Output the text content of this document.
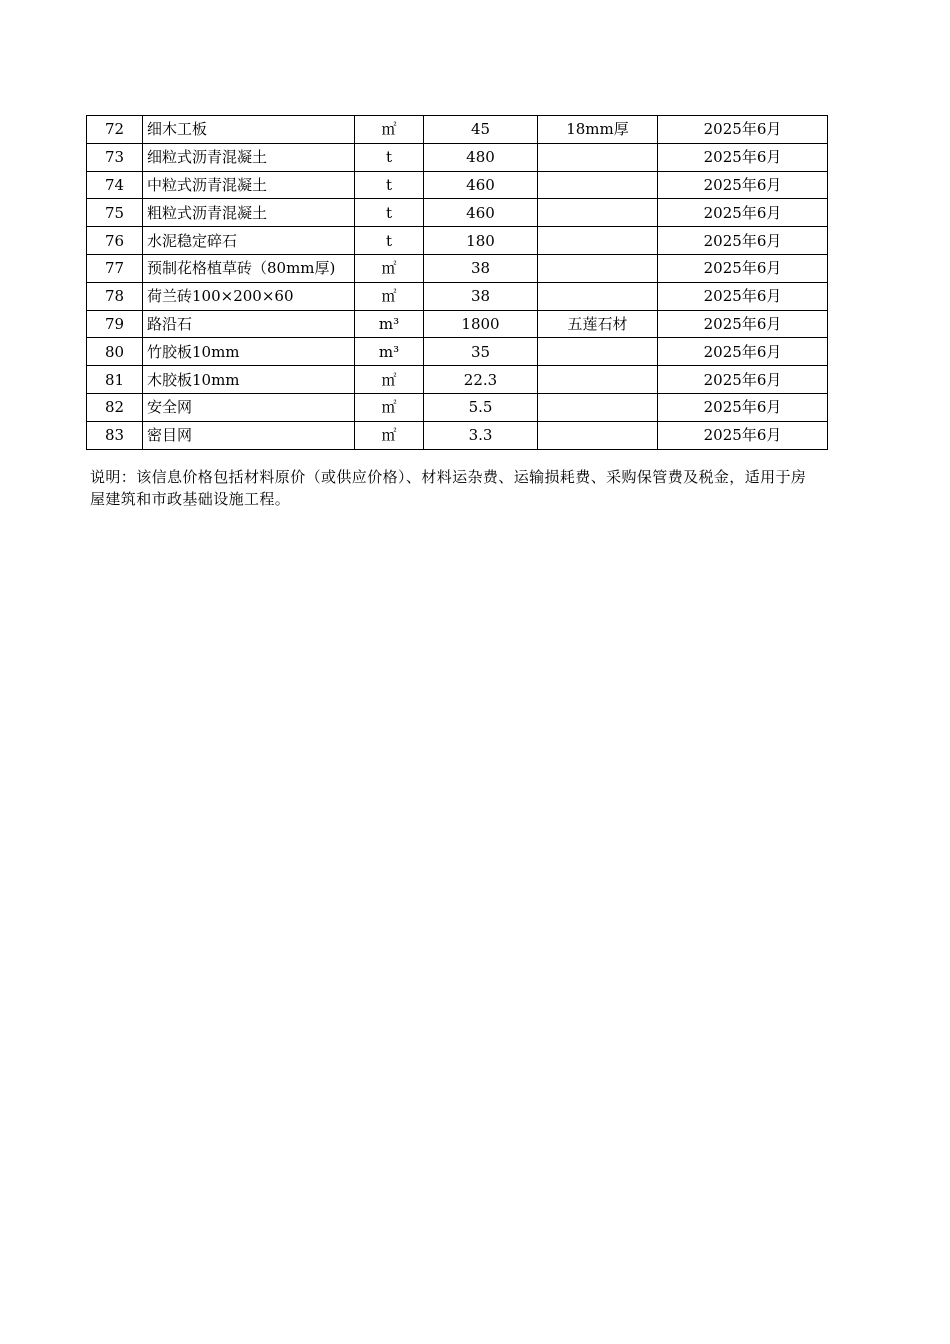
72	细木工板	㎡	45	18mm厚	2025年6月
73	细粒式沥青混凝土	t	480		2025年6月
74	中粒式沥青混凝土	t	460		2025年6月
75	粗粒式沥青混凝土	t	460		2025年6月
76	水泥稳定碎石	t	180		2025年6月
77	预制花格植草砖（80mm厚)	㎡	38		2025年6月
78	荷兰砖100×200×60	㎡	38		2025年6月
79	路沿石	m³	1800	五莲石材	2025年6月
80	竹胶板10mm	m³	35		2025年6月
81	木胶板10mm	㎡	22.3		2025年6月
82	安全网	㎡	5.5		2025年6月
83	密目网	㎡	3.3		2025年6月
说明：该信息价格包括材料原价（或供应价格）、材料运杂费、运输损耗费、采购保管费及税金，适用于房屋建筑和市政基础设施工程。
